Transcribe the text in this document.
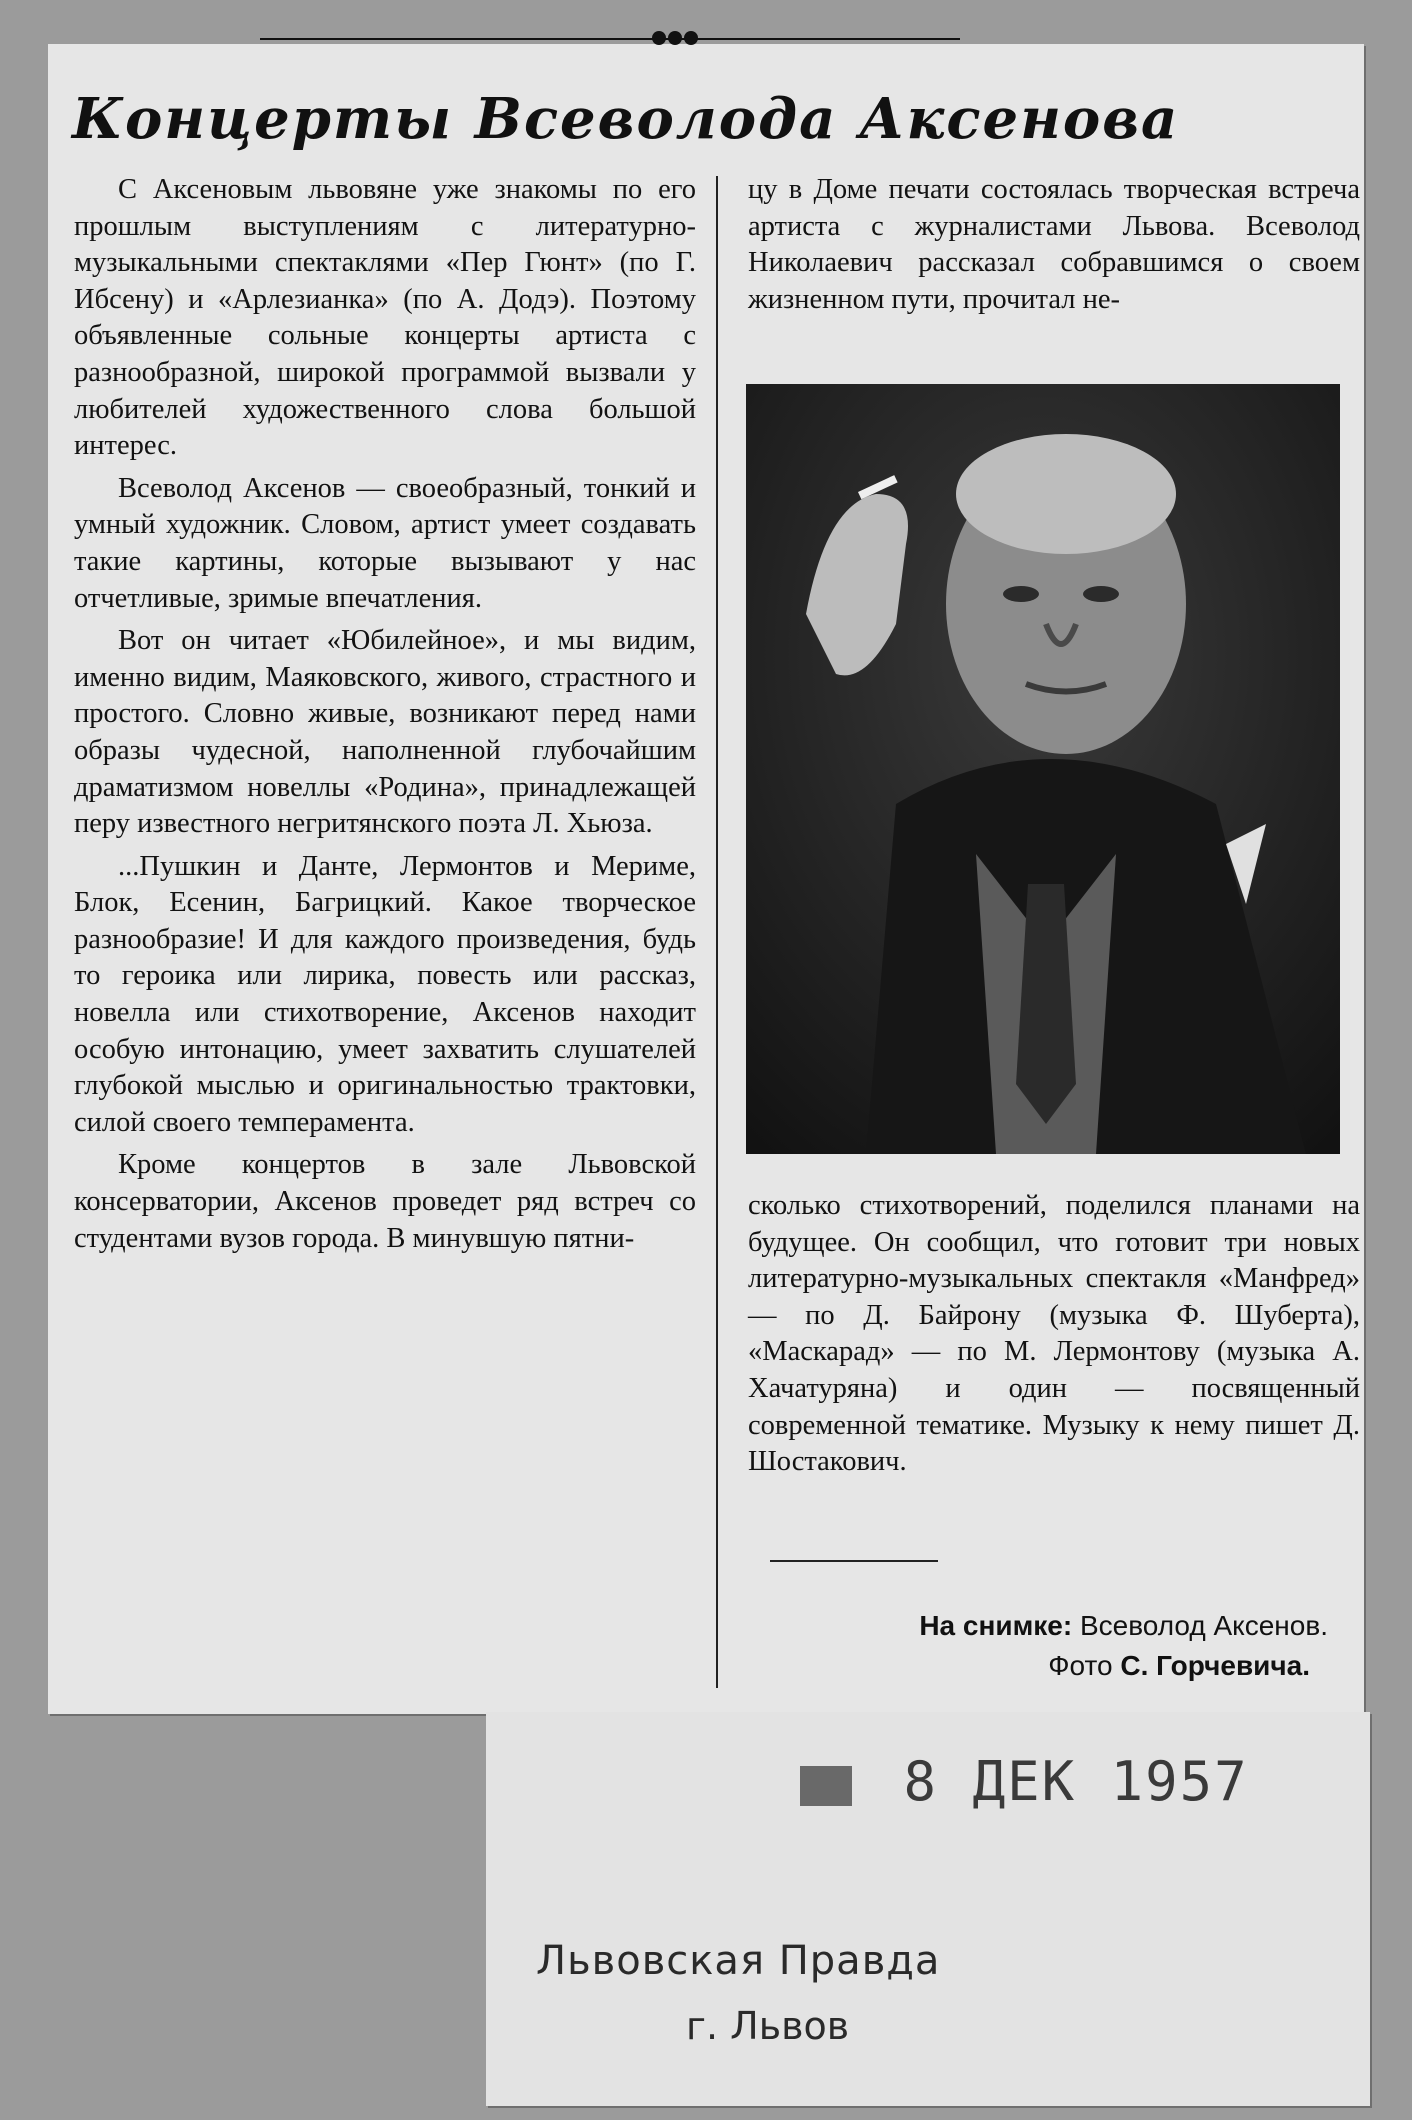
Концерты Всеволода Аксенова

С Аксеновым львовяне уже знакомы по его прошлым выступлениям с литературно-музыкальными спектаклями «Пер Гюнт» (по Г. Ибсену) и «Арлезианка» (по А. Додэ). Поэтому объявленные сольные концерты артиста с разнообразной, широкой программой вызвали у любителей художественного слова большой интерес.

Всеволод Аксенов — своеобразный, тонкий и умный художник. Словом, артист умеет создавать такие картины, которые вызывают у нас отчетливые, зримые впечатления.

Вот он читает «Юбилейное», и мы видим, именно видим, Маяковского, живого, страстного и простого. Словно живые, возникают перед нами образы чудесной, наполненной глубочайшим драматизмом новеллы «Родина», принадлежащей перу известного негритянского поэта Л. Хьюза.

...Пушкин и Данте, Лермонтов и Мериме, Блок, Есенин, Багрицкий. Какое творческое разнообразие! И для каждого произведения, будь то героика или лирика, повесть или рассказ, новелла или стихотворение, Аксенов находит особую интонацию, умеет захватить слушателей глубокой мыслью и оригинальностью трактовки, силой своего темперамента.

Кроме концертов в зале Львовской консерватории, Аксенов проведет ряд встреч со студентами вузов города. В минувшую пятни-

цу в Доме печати состоялась творческая встреча артиста с журналистами Львова. Всеволод Николаевич рассказал собравшимся о своем жизненном пути, прочитал не-

сколько стихотворений, поделился планами на будущее. Он сообщил, что готовит три новых литературно-музыкальных спектакля «Манфред» — по Д. Байрону (музыка Ф. Шуберта), «Маскарад» — по М. Лермонтову (музыка А. Хачатуряна) и один — посвященный современной тематике. Музыку к нему пишет Д. Шостакович.

На снимке: Всеволод Аксенов.
Фото С. Горчевича.
8 ДЕК 1957
Львовская Правда
г. Львов
